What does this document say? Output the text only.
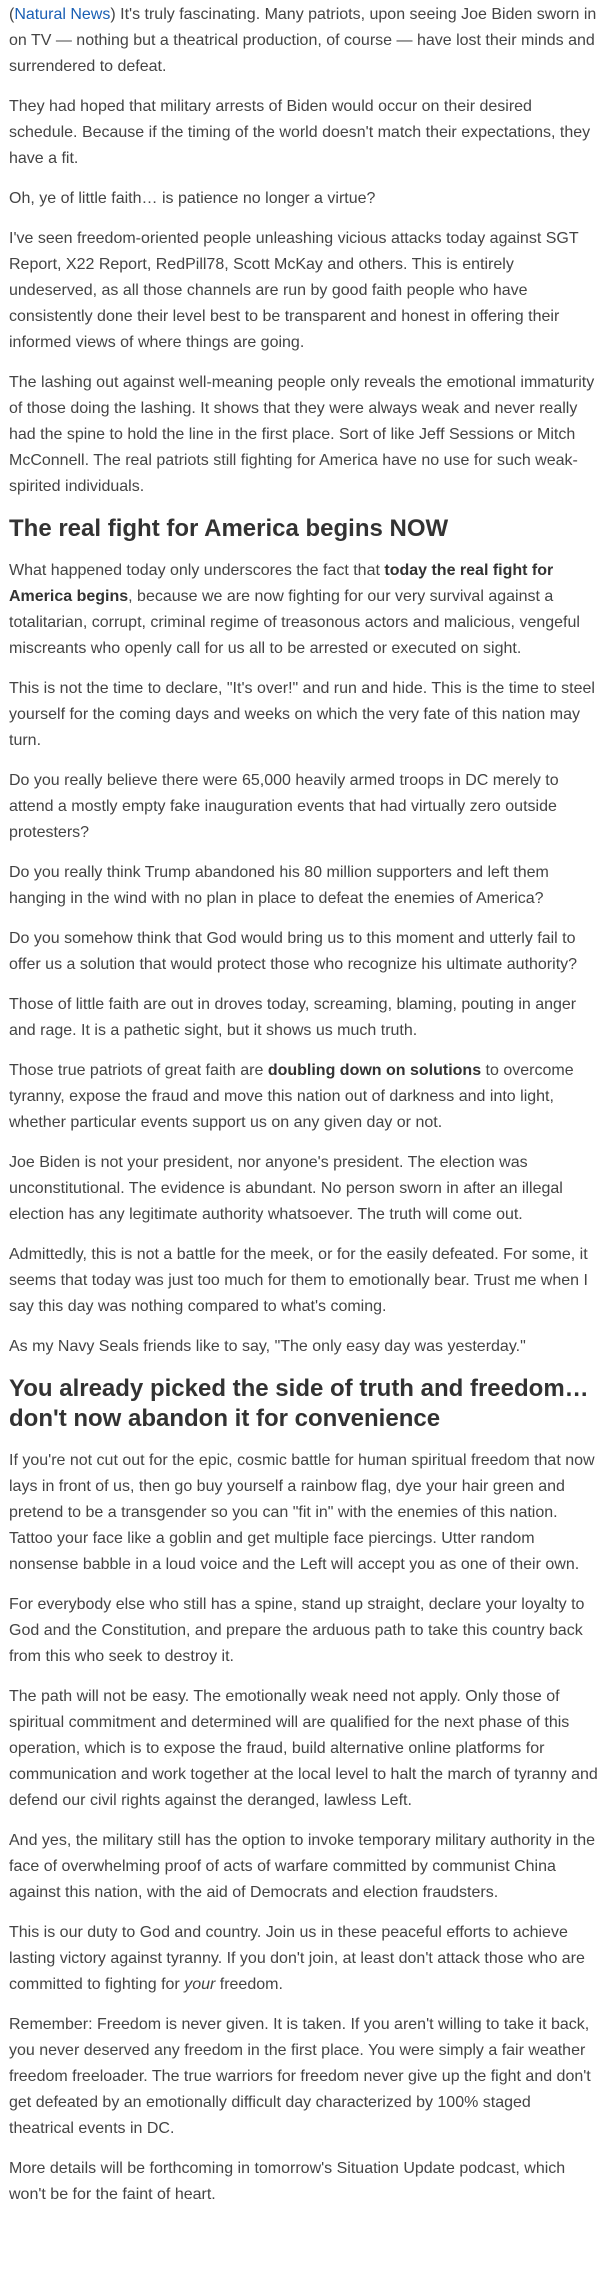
(Natural News) It's truly fascinating. Many patriots, upon seeing Joe Biden sworn in on TV — nothing but a theatrical production, of course — have lost their minds and surrendered to defeat.

They had hoped that military arrests of Biden would occur on their desired schedule. Because if the timing of the world doesn't match their expectations, they have a fit.

Oh, ye of little faith… is patience no longer a virtue?

I've seen freedom-oriented people unleashing vicious attacks today against SGT Report, X22 Report, RedPill78, Scott McKay and others. This is entirely undeserved, as all those channels are run by good faith people who have consistently done their level best to be transparent and honest in offering their informed views of where things are going.

The lashing out against well-meaning people only reveals the emotional immaturity of those doing the lashing. It shows that they were always weak and never really had the spine to hold the line in the first place. Sort of like Jeff Sessions or Mitch McConnell. The real patriots still fighting for America have no use for such weak-spirited individuals.

The real fight for America begins NOW

What happened today only underscores the fact that today the real fight for America begins, because we are now fighting for our very survival against a totalitarian, corrupt, criminal regime of treasonous actors and malicious, vengeful miscreants who openly call for us all to be arrested or executed on sight.

This is not the time to declare, "It's over!" and run and hide. This is the time to steel yourself for the coming days and weeks on which the very fate of this nation may turn.

Do you really believe there were 65,000 heavily armed troops in DC merely to attend a mostly empty fake inauguration events that had virtually zero outside protesters?

Do you really think Trump abandoned his 80 million supporters and left them hanging in the wind with no plan in place to defeat the enemies of America?

Do you somehow think that God would bring us to this moment and utterly fail to offer us a solution that would protect those who recognize his ultimate authority?

Those of little faith are out in droves today, screaming, blaming, pouting in anger and rage. It is a pathetic sight, but it shows us much truth.

Those true patriots of great faith are doubling down on solutions to overcome tyranny, expose the fraud and move this nation out of darkness and into light, whether particular events support us on any given day or not.

Joe Biden is not your president, nor anyone's president. The election was unconstitutional. The evidence is abundant. No person sworn in after an illegal election has any legitimate authority whatsoever. The truth will come out.

Admittedly, this is not a battle for the meek, or for the easily defeated. For some, it seems that today was just too much for them to emotionally bear. Trust me when I say this day was nothing compared to what's coming.

As my Navy Seals friends like to say, "The only easy day was yesterday."

You already picked the side of truth and freedom… don't now abandon it for convenience

If you're not cut out for the epic, cosmic battle for human spiritual freedom that now lays in front of us, then go buy yourself a rainbow flag, dye your hair green and pretend to be a transgender so you can "fit in" with the enemies of this nation. Tattoo your face like a goblin and get multiple face piercings. Utter random nonsense babble in a loud voice and the Left will accept you as one of their own.

For everybody else who still has a spine, stand up straight, declare your loyalty to God and the Constitution, and prepare the arduous path to take this country back from this who seek to destroy it.

The path will not be easy. The emotionally weak need not apply. Only those of spiritual commitment and determined will are qualified for the next phase of this operation, which is to expose the fraud, build alternative online platforms for communication and work together at the local level to halt the march of tyranny and defend our civil rights against the deranged, lawless Left.

And yes, the military still has the option to invoke temporary military authority in the face of overwhelming proof of acts of warfare committed by communist China against this nation, with the aid of Democrats and election fraudsters.

This is our duty to God and country. Join us in these peaceful efforts to achieve lasting victory against tyranny. If you don't join, at least don't attack those who are committed to fighting for your freedom.

Remember: Freedom is never given. It is taken. If you aren't willing to take it back, you never deserved any freedom in the first place. You were simply a fair weather freedom freeloader. The true warriors for freedom never give up the fight and don't get defeated by an emotionally difficult day characterized by 100% staged theatrical events in DC.

More details will be forthcoming in tomorrow's Situation Update podcast, which won't be for the faint of heart.
